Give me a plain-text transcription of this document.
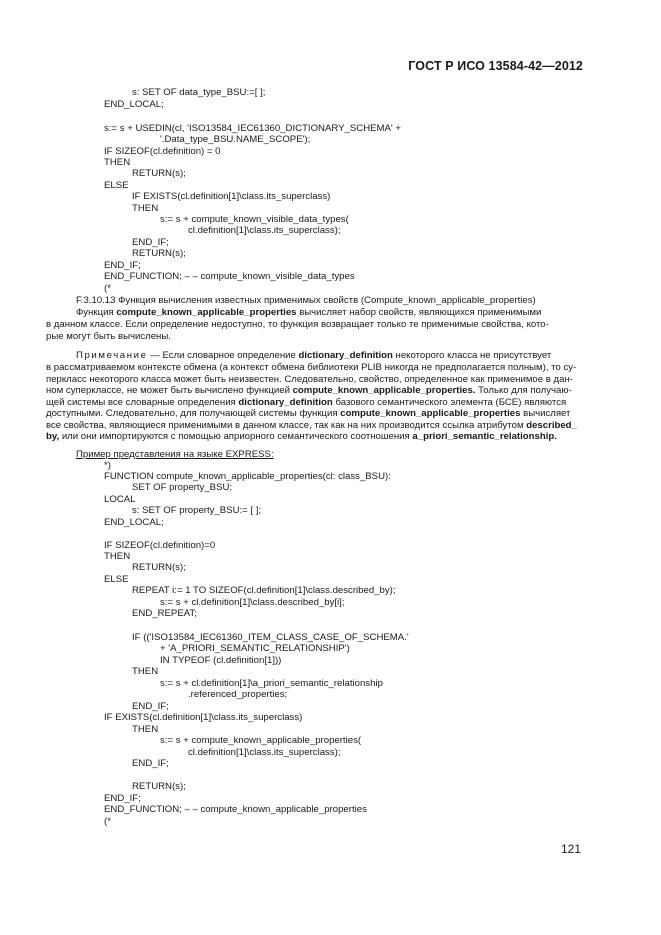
ГОСТ Р ИСО 13584-42—2012
s: SET OF data_type_BSU:=[ ];
END_LOCAL;
s:= s + USEDIN(cl, 'ISO13584_IEC61360_DICTIONARY_SCHEMA' +
'.Data_type_BSU.NAME_SCOPE');
IF SIZEOF(cl.definition) = 0
THEN
RETURN(s);
ELSE
IF EXISTS(cl.definition[1]\class.its_superclass)
THEN
s:= s + compute_known_visible_data_types(
cl.definition[1]\class.its_superclass);
END_IF;
RETURN(s);
END_IF;
END_FUNCTION; – – compute_known_visible_data_types
(*
F.3.10.13 Функция вычисления известных применимых свойств (Compute_known_applicable_properties)
Функция compute_known_applicable_properties вычисляет набор свойств, являющихся применимыми
в данном классе. Если определение недоступно, то функция возвращает только те применимые свойства, кото-
рые могут быть вычислены.
Примечание — Если словарное определение dictionary_definition некоторого класса не присутствует
в рассматриваемом контексте обмена (а контекст обмена библиотеки PLIB никогда не предполагается полным), то су-
перкласс некоторого класса может быть неизвестен. Следовательно, свойство, определенное как применимое в дан-
ном суперклассе, не может быть вычислено функцией compute_known_applicable_properties. Только для получаю-
щей системы все словарные определения dictionary_definition базового семантического элемента (БСЕ) являются
доступными. Следовательно, для получающей системы функция compute_known_applicable_properties вычисляет
все свойства, являющиеся применимыми в данном классе, так как на них производится ссылка атрибутом described_
by, или они импортируются с помощью априорного семантического соотношения a_priori_semantic_relationship.
Пример представления на языке EXPRESS:
*)
FUNCTION compute_known_applicable_properties(cl: class_BSU):
SET OF property_BSU;
LOCAL
s: SET OF property_BSU:= [ ];
END_LOCAL;
IF SIZEOF(cl.definition)=0
THEN
RETURN(s);
ELSE
REPEAT i:= 1 TO SIZEOF(cl.definition[1]\class.described_by);
s:= s + cl.definition[1]\class.described_by[i];
END_REPEAT;
IF (('ISO13584_IEC61360_ITEM_CLASS_CASE_OF_SCHEMA.'
+ 'A_PRIORI_SEMANTIC_RELATIONSHIP')
IN TYPEOF (cl.definition[1]))
THEN
s:= s + cl.definition[1]\a_priori_semantic_relationship
.referenced_properties;
END_IF;
IF EXISTS(cl.definition[1]\class.its_superclass)
THEN
s:= s + compute_known_applicable_properties(
cl.definition[1]\class.its_superclass);
END_IF;
RETURN(s);
END_IF;
END_FUNCTION; – – compute_known_applicable_properties
(*
121
